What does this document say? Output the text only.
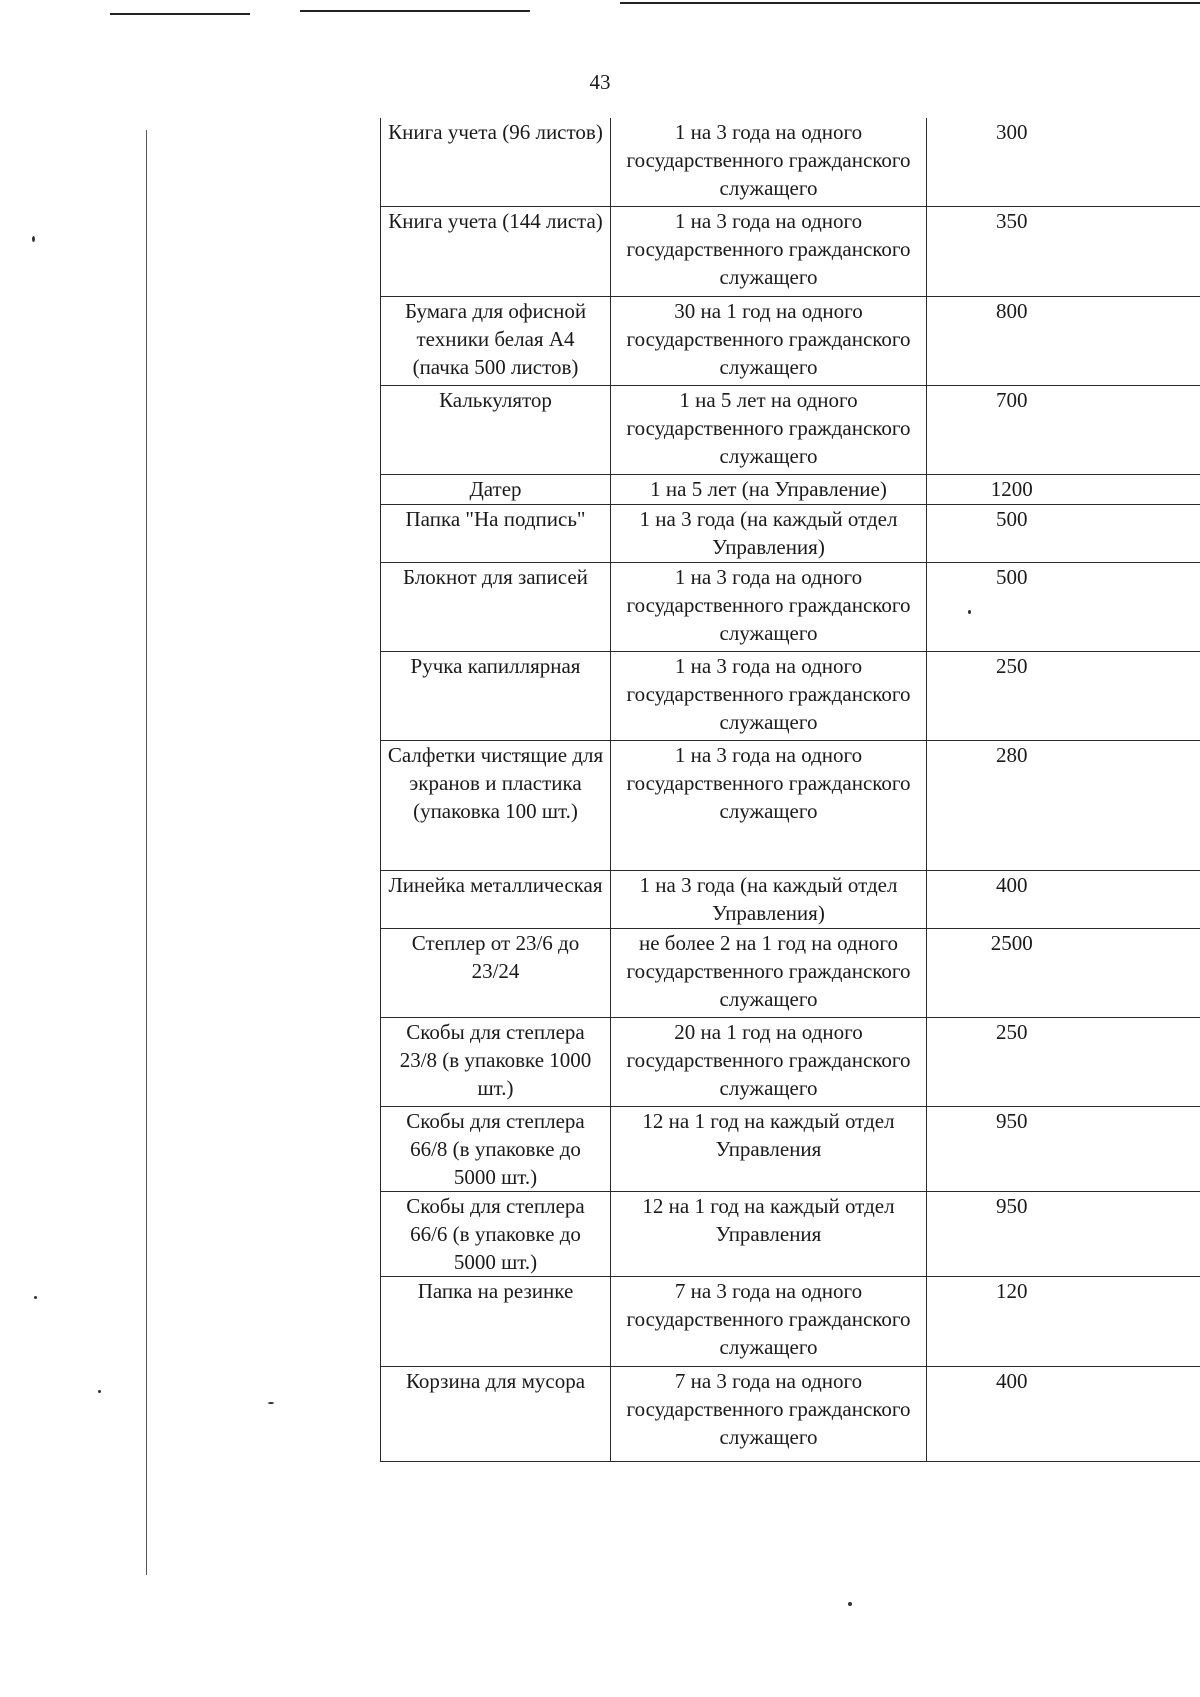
43
Книга учета (96 листов)	1 на 3 года на одного государственного гражданского служащего	300
Книга учета (144 листа)	1 на 3 года на одного государственного гражданского служащего	350
Бумага для офисной техники белая А4 (пачка 500 листов)	30 на 1 год на одного государственного гражданского служащего	800
Калькулятор	1 на 5 лет на одного государственного гражданского служащего	700
Датер	1 на 5 лет (на Управление)	1200
Папка "На подпись"	1 на 3 года (на каждый отдел Управления)	500
Блокнот для записей	1 на 3 года на одного государственного гражданского служащего	500
Ручка капиллярная	1 на 3 года на одного государственного гражданского служащего	250
Салфетки чистящие для экранов и пластика (упаковка 100 шт.)	1 на 3 года на одного государственного гражданского служащего	280
Линейка металлическая	1 на 3 года (на каждый отдел Управления)	400
Степлер от 23/6 до 23/24	не более 2 на 1 год на одного государственного гражданского служащего	2500
Скобы для степлера 23/8 (в упаковке 1000 шт.)	20 на 1 год на одного государственного гражданского служащего	250
Скобы для степлера 66/8 (в упаковке до 5000 шт.)	12 на 1 год на каждый отдел Управления	950
Скобы для степлера 66/6 (в упаковке до 5000 шт.)	12 на 1 год на каждый отдел Управления	950
Папка на резинке	7 на 3 года на одного государственного гражданского служащего	120
Корзина для мусора	7 на 3 года на одного государственного гражданского служащего	400
